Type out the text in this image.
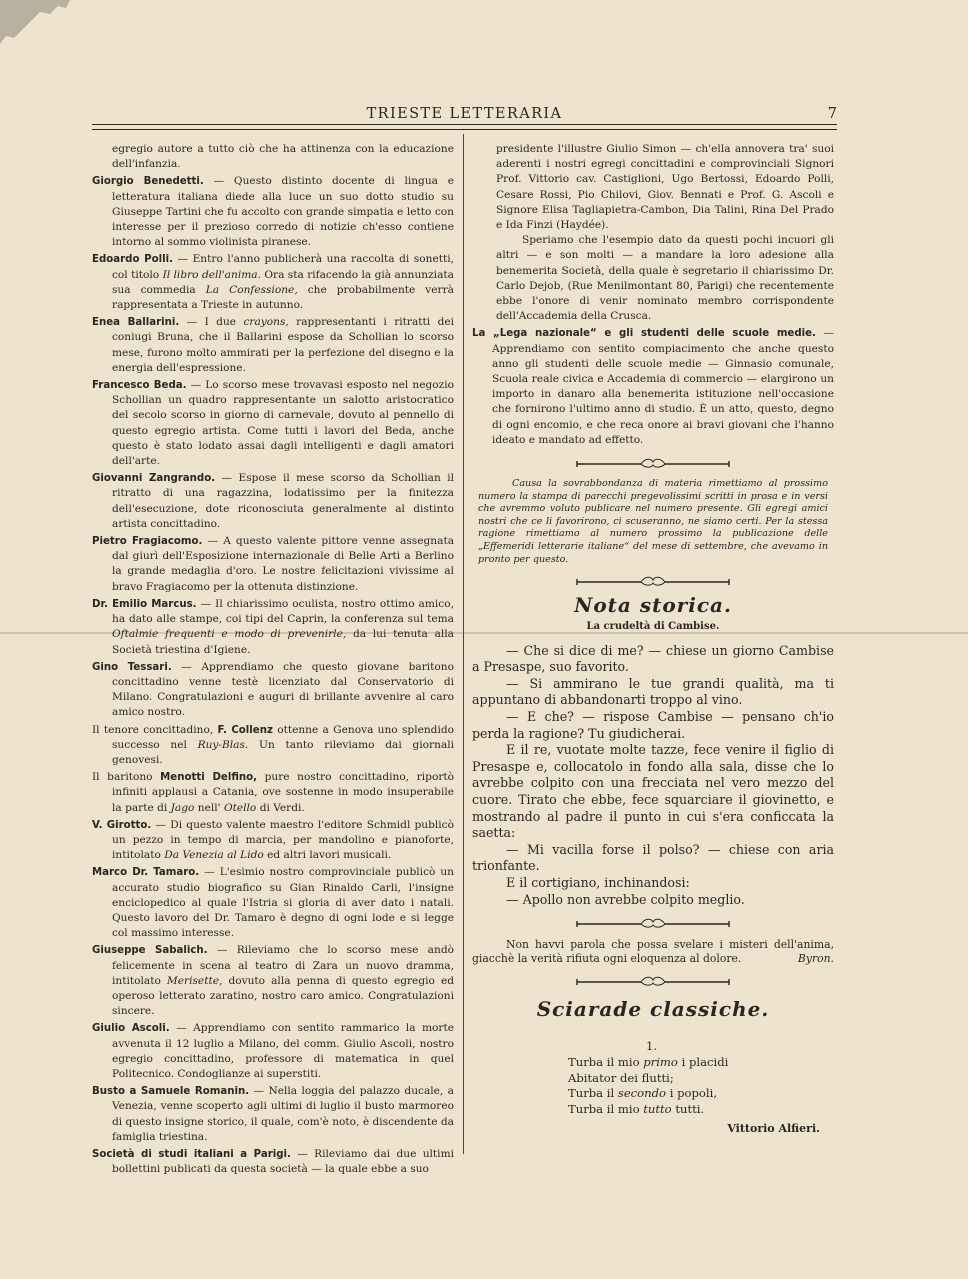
TRIESTE LETTERARIA	7

egregio autore a tutto ciò che ha attinenza con la educazione dell'infanzia.

Giorgio Benedetti. — Questo distinto docente di lingua e letteratura italiana diede alla luce un suo dotto studio su Giuseppe Tartini che fu accolto con grande simpatia e letto con interesse per il prezioso corredo di notizie ch'esso contiene intorno al sommo violinista piranese.

Edoardo Polli. — Entro l'anno publicherà una raccolta di sonetti, col titolo Il libro dell'anima. Ora sta rifacendo la già annunziata sua commedia La Confessione, che probabilmente verrà rappresentata a Trieste in autunno.

Enea Ballarini. — I due crayons, rappresentanti i ritratti dei coniugi Bruna, che il Ballarini espose da Schollian lo scorso mese, furono molto ammirati per la perfezione del disegno e la energia dell'espressione.

Francesco Beda. — Lo scorso mese trovavasi esposto nel negozio Schollian un quadro rappresentante un salotto aristocratico del secolo scorso in giorno di carnevale, dovuto al pennello di questo egregio artista. Come tutti i lavori del Beda, anche questo è stato lodato assai dagli intelligenti e dagli amatori dell'arte.

Giovanni Zangrando. — Espose il mese scorso da Schollian il ritratto di una ragazzina, lodatissimo per la finitezza dell'esecuzione, dote riconosciuta generalmente al distinto artista concittadino.

Pietro Fragiacomo. — A questo valente pittore venne assegnata dal giurì dell'Esposizione internazionale di Belle Arti a Berlino la grande medaglia d'oro. Le nostre felicitazioni vivissime al bravo Fragiacomo per la ottenuta distinzione.

Dr. Emilio Marcus. — Il chiarissimo oculista, nostro ottimo amico, ha dato alle stampe, coi tipi del Caprin, la conferenza sul tema Oftalmie frequenti e modo di prevenirle, da lui tenuta alla Società triestina d'Igiene.

Gino Tessari. — Apprendiamo che questo giovane baritono concittadino venne testè licenziato dal Conservatorio di Milano. Congratulazioni e auguri di brillante avvenire al caro amico nostro.

Il tenore concittadino, F. Collenz ottenne a Genova uno splendido successo nel Ruy-Blas. Un tanto rileviamo dai giornali genovesi.

Il baritono Menotti Delfino, pure nostro concittadino, riportò infiniti applausi a Catania, ove sostenne in modo insuperabile la parte di Jago nell' Otello di Verdi.

V. Girotto. — Di questo valente maestro l'editore Schmidl publicò un pezzo in tempo di marcia, per mandolino e pianoforte, intitolato Da Venezia al Lido ed altri lavori musicali.

Marco Dr. Tamaro. — L'esimio nostro comprovinciale publicò un accurato studio biografico su Gian Rinaldo Carli, l'insigne enciclopedico al quale l'Istria si gloria di aver dato i natali. Questo lavoro del Dr. Tamaro è degno di ogni lode e si legge col massimo interesse.

Giuseppe Sabalich. — Rileviamo che lo scorso mese andò felicemente in scena al teatro di Zara un nuovo dramma, intitolato Merisette, dovuto alla penna di questo egregio ed operoso letterato zaratino, nostro caro amico. Congratulazioni sincere.

Giulio Ascoli. — Apprendiamo con sentito rammarico la morte avvenuta il 12 luglio a Milano, del comm. Giulio Ascoli, nostro egregio concittadino, professore di matematica in quel Politecnico. Condoglianze ai superstiti.

Busto a Samuele Romanin. — Nella loggia del palazzo ducale, a Venezia, venne scoperto agli ultimi di luglio il busto marmoreo di questo insigne storico, il quale, com'è noto, è discendente da famiglia triestina.

Società di studi italiani a Parigi. — Rileviamo dai due ultimi bollettini publicati da questa società — la quale ebbe a suo

presidente l'illustre Giulio Simon — ch'ella annovera tra' suoi aderenti i nostri egregi concittadini e comprovinciali Signori Prof. Vittorio cav. Castiglioni, Ugo Bertossi, Edoardo Polli, Cesare Rossi, Pio Chilovi, Giov. Bennati e Prof. G. Ascoli e Signore Elisa Tagliapietra-Cambon, Dia Talini, Rina Del Prado e Ida Finzi (Haydée).

Speriamo che l'esempio dato da questi pochi incuori gli altri — e son molti — a mandare la loro adesione alla benemerita Società, della quale è segretario il chiarissimo Dr. Carlo Dejob, (Rue Menilmontant 80, Parigi) che recentemente ebbe l'onore di venir nominato membro corrispondente dell'Accademia della Crusca.

La „Lega nazionale“ e gli studenti delle scuole medie. — Apprendiamo con sentito compiacimento che anche questo anno gli studenti delle scuole medie — Ginnasio comunale, Scuola reale civica e Accademia di commercio — elargirono un importo in danaro alla benemerita istituzione nell'occasione che fornirono l'ultimo anno di studio. È un atto, questo, degno di ogni encomio, e che reca onore ai bravi giovani che l'hanno ideato e mandato ad effetto.

Causa la sovrabbondanza di materia rimettiamo al prossimo numero la stampa di parecchi pregevolissimi scritti in prosa e in versi che avremmo voluto publicare nel numero presente. Gli egregi amici nostri che ce li favorirono, ci scuseranno, ne siamo certi. Per la stessa ragione rimettiamo al numero prossimo la publicazione delle „Effemeridi letterarie italiane“ del mese di settembre, che avevamo in pronto per questo.

Nota storica.
La crudeltà di Cambise.

— Che si dice di me? — chiese un giorno Cambise a Presaspe, suo favorito.

— Si ammirano le tue grandi qualità, ma ti appuntano di abbandonarti troppo al vino.

— E che? — rispose Cambise — pensano ch'io perda la ragione? Tu giudicherai.

E il re, vuotate molte tazze, fece venire il figlio di Presaspe e, collocatolo in fondo alla sala, disse che lo avrebbe colpito con una frecciata nel vero mezzo del cuore. Tirato che ebbe, fece squarciare il giovinetto, e mostrando al padre il punto in cui s'era conficcata la saetta:

— Mi vacilla forse il polso? — chiese con aria trionfante.

E il cortigiano, inchinandosi:

— Apollo non avrebbe colpito meglio.

Non havvi parola che possa svelare i misteri dell'anima, giacchè la verità rifiuta ogni eloquenza al dolore.	Byron.

Sciarade classiche.
1.
Turba il mio primo i placidi
Abitator dei flutti;
Turba il secondo i popoli,
Turba il mio tutto tutti.
Vittorio Alfieri.
